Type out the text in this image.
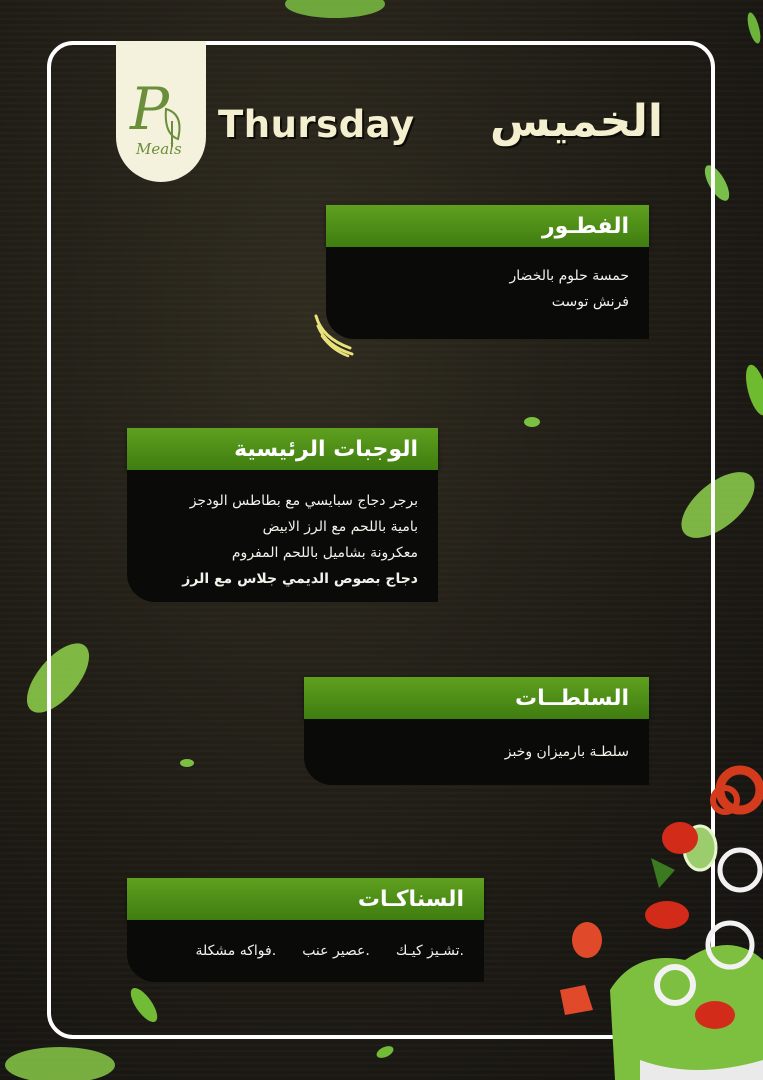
P
Meals
Thursday الخميس
الفطـور
حمسة حلوم بالخضار
فرنش توست
الوجبات الرئيسية
برجر دجاج سبايسي مع بطاطس الودجز
بامية باللحم مع الرز الابيض
معكرونة بشاميل باللحم المفروم
دجاج بصوص الديمي جلاس مع الرز
السلطــات
سلطـة بارميزان وخبز
السناكـات
.تشـيز كيـك
.عصير عنب
.فواكه مشكلة
